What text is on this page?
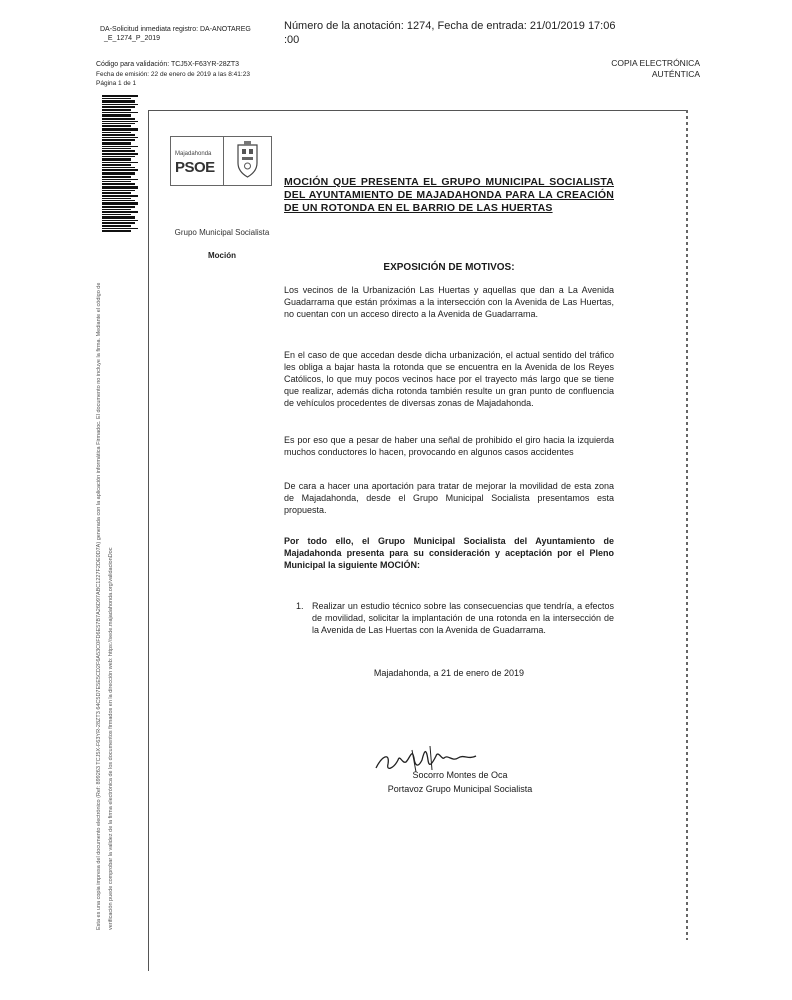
DA-Solicitud inmediata registro: DA-ANOTAREG
_E_1274_P_2019
Código para validación: TCJ5X-F63YR-28ZT3
Fecha de emisión: 22 de enero de 2019 a las 8:41:23
Página 1 de 1
Número de la anotación: 1274, Fecha de entrada: 21/01/2019 17:06
:00
COPIA ELECTRÓNICA
AUTÉNTICA
Esta es una copia impresa del documento electrónico (Ref: 899263 TCJ5X-F63YR-28ZT3 64C5D7E5E5CD2F6A53C0FD6E57B7A26D97ABC1227F2DE0D7A) generada con la aplicación informática Firmadoc. El documento no incluye la firma. Mediante el código de	verificación puede comprobar la validez de la firma electrónica de los documentos firmados en la dirección web: https://sede.majadahonda.org/validacionDoc
Majadahonda
PSOE
Grupo Municipal Socialista
Moción
MOCIÓN QUE PRESENTA EL GRUPO MUNICIPAL SOCIALISTA DEL AYUNTAMIENTO DE MAJADAHONDA PARA LA CREACIÓN DE UN ROTONDA EN EL BARRIO DE LAS HUERTAS
EXPOSICIÓN DE MOTIVOS:
Los vecinos de la Urbanización Las Huertas y aquellas que dan a La Avenida Guadarrama que están próximas a la intersección con la Avenida de Las Huertas, no cuentan con un acceso directo a la Avenida de Guadarrama.
En el caso de que accedan desde dicha urbanización, el actual sentido del tráfico les obliga a bajar hasta la rotonda que se encuentra en la Avenida de los Reyes Católicos, lo que muy pocos vecinos hace por el trayecto más largo que se tiene que realizar, además dicha rotonda también resulte un gran punto de confluencia de vehículos procedentes de diversas zonas de Majadahonda.
Es por eso que a pesar de haber una señal de prohibido el giro hacia la izquierda muchos conductores lo hacen, provocando en algunos casos accidentes
De cara a hacer una aportación para tratar de mejorar la movilidad de esta zona de Majadahonda, desde el Grupo Municipal Socialista presentamos esta propuesta.
Por todo ello, el Grupo Municipal Socialista del Ayuntamiento de Majadahonda presenta para su consideración y aceptación por el Pleno Municipal la siguiente MOCIÓN:
1. Realizar un estudio técnico sobre las consecuencias que tendría, a efectos de movilidad, solicitar la implantación de una rotonda en la intersección de la Avenida de Las Huertas con la Avenida de Guadarrama.
Majadahonda, a 21 de enero de 2019
Socorro Montes de Oca
Portavoz Grupo Municipal Socialista
